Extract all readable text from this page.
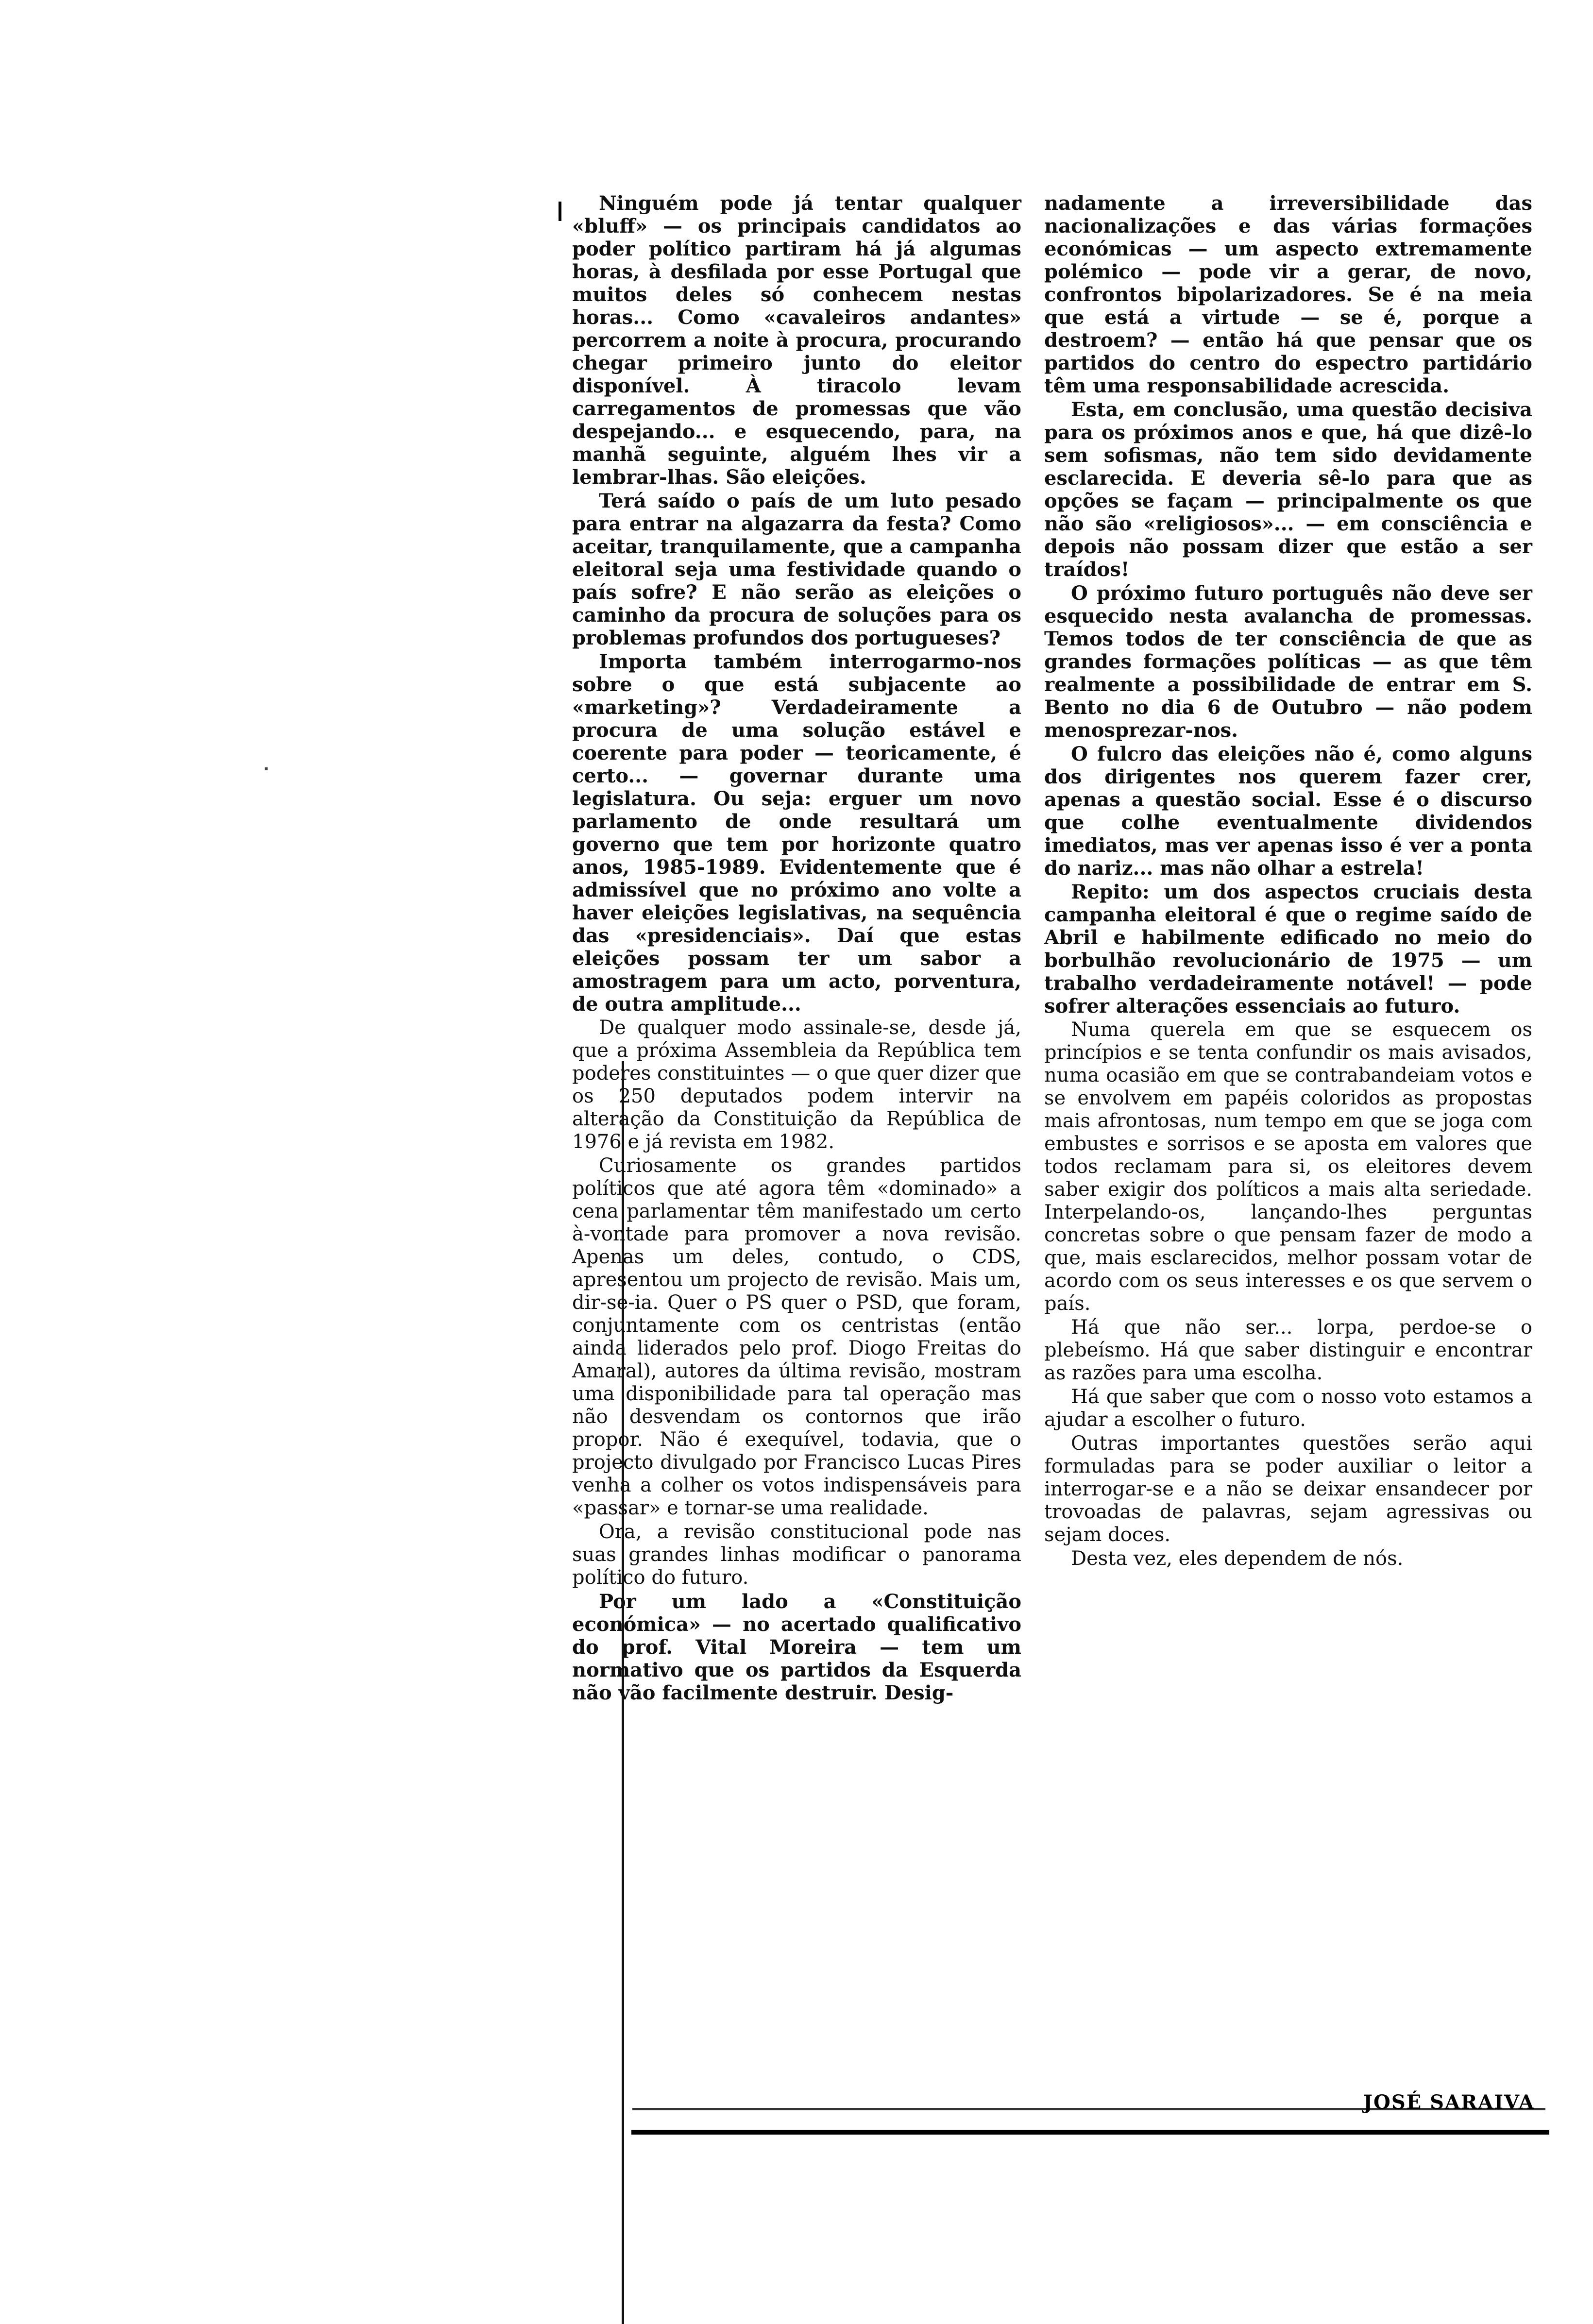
Ninguém pode já tentar qualquer «bluff» — os principais candidatos ao poder político partiram há já algumas horas, à desfilada por esse Portugal que muitos deles só conhecem nestas horas... Como «cavaleiros andantes» percorrem a noite à procura, procurando chegar primeiro junto do eleitor disponível. À tiracolo levam carregamentos de promessas que vão despejando... e esquecendo, para, na manhã seguinte, alguém lhes vir a lembrar-lhas. São eleições.

Terá saído o país de um luto pesado para entrar na algazarra da festa? Como aceitar, tranquilamente, que a campanha eleitoral seja uma festividade quando o país sofre? E não serão as eleições o caminho da procura de soluções para os problemas profundos dos portugueses?

Importa também interrogarmo-nos sobre o que está subjacente ao «marketing»? Verdadeiramente a procura de uma solução estável e coerente para poder — teoricamente, é certo... — governar durante uma legislatura. Ou seja: erguer um novo parlamento de onde resultará um governo que tem por horizonte quatro anos, 1985-1989. Evidentemente que é admissível que no próximo ano volte a haver eleições legislativas, na sequência das «presidenciais». Daí que estas eleições possam ter um sabor a amostragem para um acto, porventura, de outra amplitude...

De qualquer modo assinale-se, desde já, que a próxima Assembleia da República tem poderes constituintes — o que quer dizer que os 250 deputados podem intervir na alteração da Constituição da República de 1976 e já revista em 1982.

Curiosamente os grandes partidos políticos que até agora têm «dominado» a cena parlamentar têm manifestado um certo à-vontade para promover a nova revisão. Apenas um deles, contudo, o CDS, apresentou um projecto de revisão. Mais um, dir-se-ia. Quer o PS quer o PSD, que foram, conjuntamente com os centristas (então ainda liderados pelo prof. Diogo Freitas do Amaral), autores da última revisão, mostram uma disponibilidade para tal operação mas não desvendam os contornos que irão propor. Não é exequível, todavia, que o projecto divulgado por Francisco Lucas Pires venha a colher os votos indispensáveis para «passar» e tornar-se uma realidade.

Ora, a revisão constitucional pode nas suas grandes linhas modificar o panorama político do futuro.

Por um lado a «Constituição económica» — no acertado qualificativo do prof. Vital Moreira — tem um normativo que os partidos da Esquerda não vão facilmente destruir. Desig-

nadamente a irreversibilidade das nacionalizações e das várias formações económicas — um aspecto extremamente polémico — pode vir a gerar, de novo, confrontos bipolarizadores. Se é na meia que está a virtude — se é, porque a destroem? — então há que pensar que os partidos do centro do espectro partidário têm uma responsabilidade acrescida.

Esta, em conclusão, uma questão decisiva para os próximos anos e que, há que dizê-lo sem sofismas, não tem sido devidamente esclarecida. E deveria sê-lo para que as opções se façam — principalmente os que não são «religiosos»... — em consciência e depois não possam dizer que estão a ser traídos!

O próximo futuro português não deve ser esquecido nesta avalancha de promessas. Temos todos de ter consciência de que as grandes formações políticas — as que têm realmente a possibilidade de entrar em S. Bento no dia 6 de Outubro — não podem menosprezar-nos.

O fulcro das eleições não é, como alguns dos dirigentes nos querem fazer crer, apenas a questão social. Esse é o discurso que colhe eventualmente dividendos imediatos, mas ver apenas isso é ver a ponta do nariz... mas não olhar a estrela!

Repito: um dos aspectos cruciais desta campanha eleitoral é que o regime saído de Abril e habilmente edificado no meio do borbulhão revolucionário de 1975 — um trabalho verdadeiramente notável! — pode sofrer alterações essenciais ao futuro.

Numa querela em que se esquecem os princípios e se tenta confundir os mais avisados, numa ocasião em que se contrabandeiam votos e se envolvem em papéis coloridos as propostas mais afrontosas, num tempo em que se joga com embustes e sorrisos e se aposta em valores que todos reclamam para si, os eleitores devem saber exigir dos políticos a mais alta seriedade. Interpelando-os, lançando-lhes perguntas concretas sobre o que pensam fazer de modo a que, mais esclarecidos, melhor possam votar de acordo com os seus interesses e os que servem o país.

Há que não ser... lorpa, perdoe-se o plebeísmo. Há que saber distinguir e encontrar as razões para uma escolha.

Há que saber que com o nosso voto estamos a ajudar a escolher o futuro.

Outras importantes questões serão aqui formuladas para se poder auxiliar o leitor a interrogar-se e a não se deixar ensandecer por trovoadas de palavras, sejam agressivas ou sejam doces.

Desta vez, eles dependem de nós.

JOSÉ SARAIVA
